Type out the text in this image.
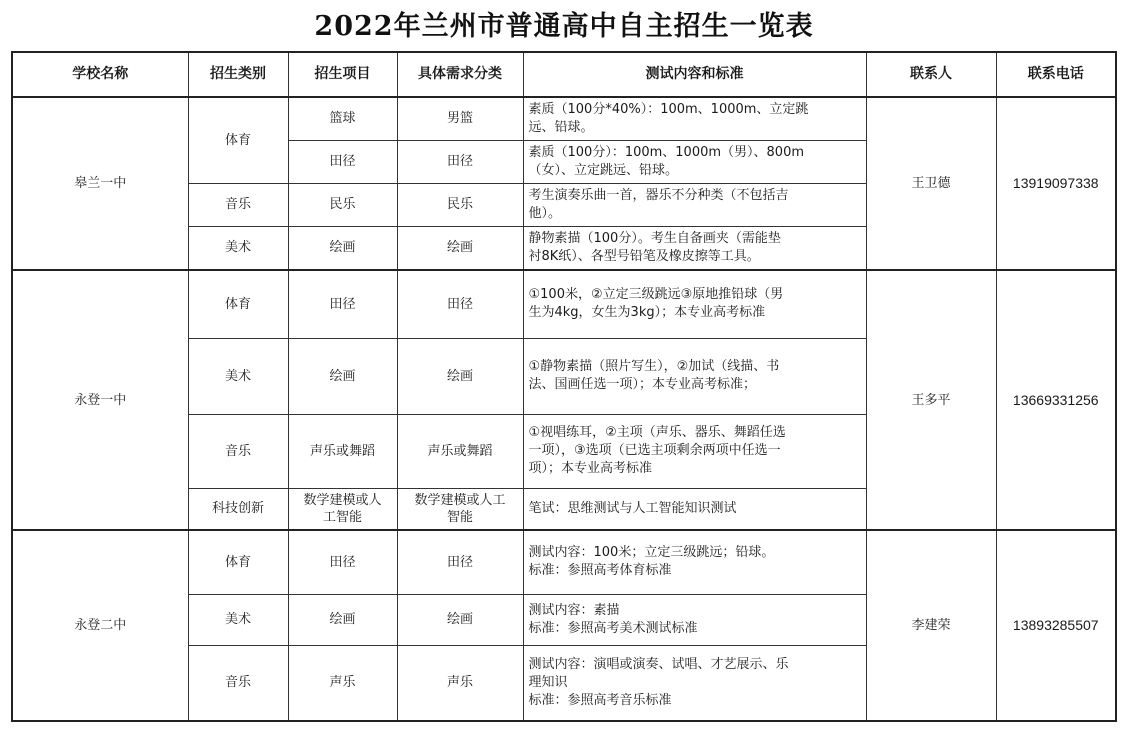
2022年兰州市普通高中自主招生一览表
学校名称	招生类别	招生项目	具体需求分类	测试内容和标准	联系人	联系电话
皋兰一中	体育	篮球	男篮	素质（100分*40%）：100m、1000m、立定跳
远、铅球。	王卫德	13919097338
		田径	田径	素质（100分）：100m、1000m（男）、800m
（女）、立定跳远、铅球。		

	音乐	民乐	民乐	考生演奏乐曲一首，器乐不分种类（不包括吉
他）。		

	美术	绘画	绘画	静物素描（100分）。考生自备画夹（需能垫
衬8K纸）、各型号铅笔及橡皮擦等工具。		

永登一中	体育	田径	田径	①100米，②立定三级跳远③原地推铅球（男
生为4kg，女生为3kg）；本专业高考标准	王多平	13669331256
	美术	绘画	绘画	①静物素描（照片写生），②加试（线描、书
法、国画任选一项）；本专业高考标准；		

	音乐	声乐或舞蹈	声乐或舞蹈	①视唱练耳，②主项（声乐、器乐、舞蹈任选
一项），③选项（已选主项剩余两项中任选一
项）；本专业高考标准		

	科技创新	数学建模或人
工智能	数学建模或人工
智能	笔试：思维测试与人工智能知识测试		

永登二中	体育	田径	田径	测试内容：100米；立定三级跳远；铅球。
标准：参照高考体育标准	李建荣	13893285507
	美术	绘画	绘画	测试内容：素描
标准：参照高考美术测试标准		

	音乐	声乐	声乐	测试内容：演唱或演奏、试唱、才艺展示、乐
理知识
标准：参照高考音乐标准		
